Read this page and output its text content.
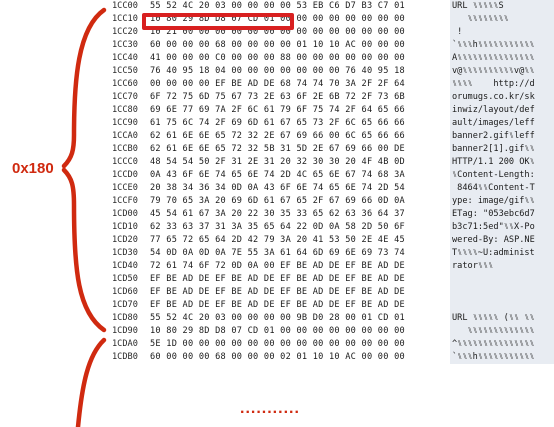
1CC00	55 52 4C 20 03 00 00 00 00 53 EB C6 D7 B3 C7 01	URL ⑊⑊⑊⑊⑊S
1CC10	10 80 29 8D D8 07 CD 01 00 00 00 00 00 00 00 00	⑊⑊⑊⑊⑊⑊⑊⑊
1CC20	10 21 00 00 00 00 00 00 00 00 00 00 00 00 00 00	!
1CC30	60 00 00 00 68 00 00 00 00 01 10 10 AC 00 00 00	`⑊⑊⑊h⑊⑊⑊⑊⑊⑊⑊⑊⑊⑊⑊
1CC40	41 00 00 00 C0 00 00 00 88 00 00 00 00 00 00 00	A⑊⑊⑊⑊⑊⑊⑊⑊⑊⑊⑊⑊⑊⑊⑊
1CC50	76 40 95 18 04 00 00 00 00 00 00 00 76 40 95 18	v@⑊⑊⑊⑊⑊⑊⑊⑊⑊⑊v@⑊⑊
1CC60	00 00 00 00 EF BE AD DE 68 74 74 70 3A 2F 2F 64	⑊⑊⑊⑊    http://d
1CC70	6F 72 75 6D 75 67 73 2E 63 6F 2E 6B 72 2F 73 6B	orumugs.co.kr/sk
1CC80	69 6E 77 69 7A 2F 6C 61 79 6F 75 74 2F 64 65 66	inwiz/layout/def
1CC90	61 75 6C 74 2F 69 6D 61 67 65 73 2F 6C 65 66 66	ault/images/leff
1CCA0	62 61 6E 6E 65 72 32 2E 67 69 66 00 6C 65 66 66	banner2.gif⑊leff
1CCB0	62 61 6E 6E 65 72 32 5B 31 5D 2E 67 69 66 00 DE	banner2[1].gif⑊⑊
1CCC0	48 54 54 50 2F 31 2E 31 20 32 30 30 20 4F 4B 0D	HTTP/1.1 200 OK⑊
1CCD0	0A 43 6F 6E 74 65 6E 74 2D 4C 65 6E 67 74 68 3A	⑊Content-Length:
1CCE0	20 38 34 36 34 0D 0A 43 6F 6E 74 65 6E 74 2D 54	8464⑊⑊Content-T
1CCF0	79 70 65 3A 20 69 6D 61 67 65 2F 67 69 66 0D 0A	ype: image/gif⑊⑊
1CD00	45 54 61 67 3A 20 22 30 35 33 65 62 63 36 64 37	ETag: "053ebc6d7
1CD10	62 33 63 37 31 3A 35 65 64 22 0D 0A 58 2D 50 6F	b3c71:5ed"⑊⑊X-Po
1CD20	77 65 72 65 64 2D 42 79 3A 20 41 53 50 2E 4E 45	wered-By: ASP.NE
1CD30	54 0D 0A 0D 0A 7E 55 3A 61 64 6D 69 6E 69 73 74	T⑊⑊⑊⑊~U:administ
1CD40	72 61 74 6F 72 0D 0A 00 EF BE AD DE EF BE AD DE	rator⑊⑊⑊
1CD50	EF BE AD DE EF BE AD DE EF BE AD DE EF BE AD DE

1CD60	EF BE AD DE EF BE AD DE EF BE AD DE EF BE AD DE

1CD70	EF BE AD DE EF BE AD DE EF BE AD DE EF BE AD DE

1CD80	55 52 4C 20 03 00 00 00 00 9B D0 28 00 01 CD 01	URL ⑊⑊⑊⑊⑊ (⑊⑊ ⑊⑊
1CD90	10 80 29 8D D8 07 CD 01 00 00 00 00 00 00 00 00	⑊⑊⑊⑊⑊⑊⑊⑊⑊⑊⑊⑊⑊
1CDA0	5E 1D 00 00 00 00 00 00 00 00 00 00 00 00 00 00	^⑊⑊⑊⑊⑊⑊⑊⑊⑊⑊⑊⑊⑊⑊⑊
1CDB0	60 00 00 00 68 00 00 00 02 01 10 10 AC 00 00 00	`⑊⑊⑊h⑊⑊⑊⑊⑊⑊⑊⑊⑊⑊⑊
0x180
...........
